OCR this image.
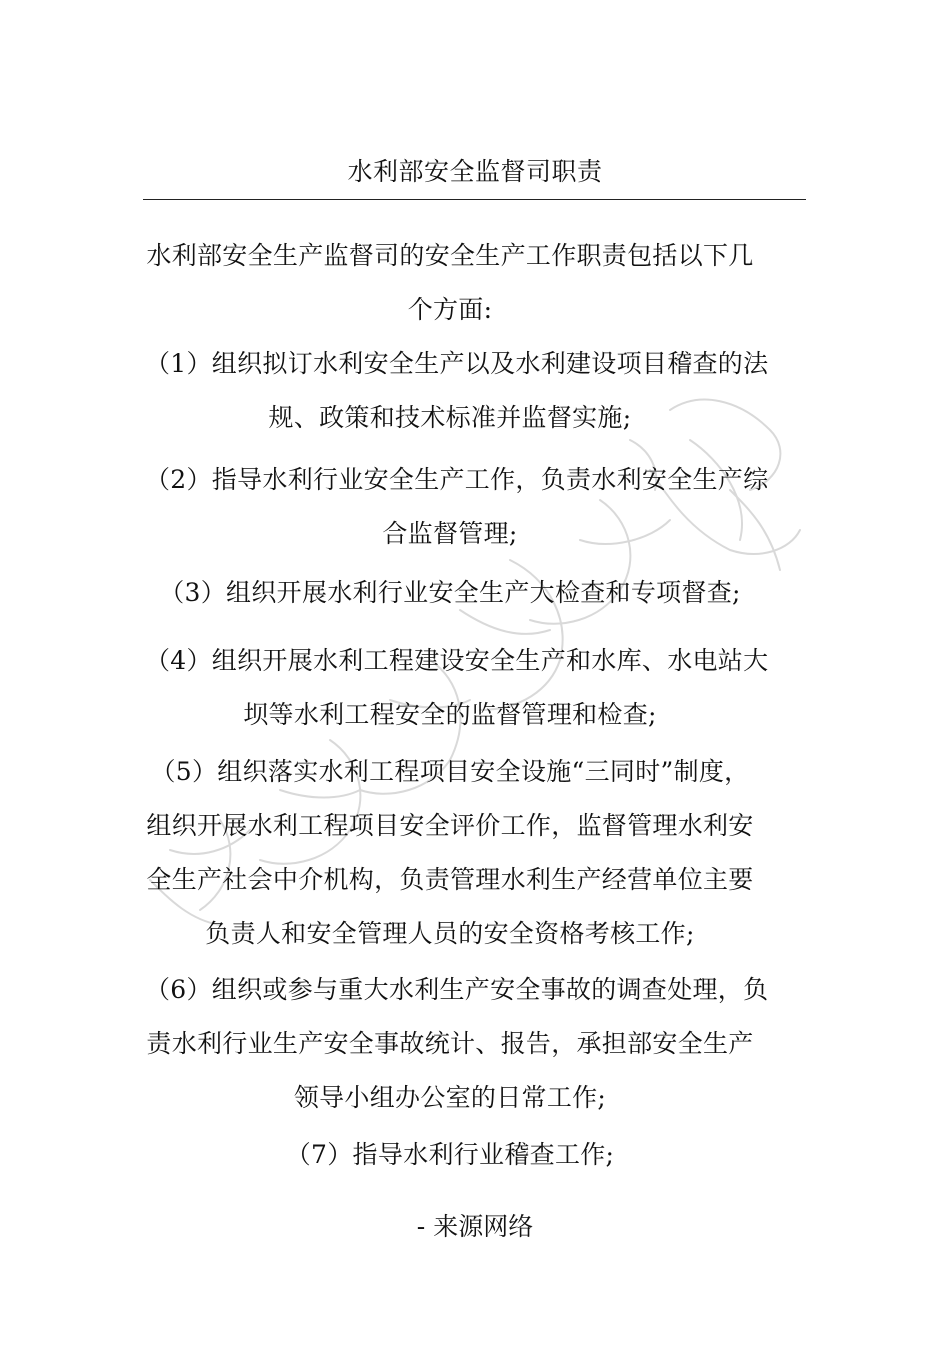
水利部安全监督司职责
水利部安全生产监督司的安全生产工作职责包括以下几
个方面:
（1）组织拟订水利安全生产以及水利建设项目稽查的法
规、政策和技术标准并监督实施;
（2）指导水利行业安全生产工作，负责水利安全生产综
合监督管理;
（3）组织开展水利行业安全生产大检查和专项督查;
（4）组织开展水利工程建设安全生产和水库、水电站大
坝等水利工程安全的监督管理和检查;
（5）组织落实水利工程项目安全设施“三同时”制度，
组织开展水利工程项目安全评价工作，监督管理水利安
全生产社会中介机构，负责管理水利生产经营单位主要
负责人和安全管理人员的安全资格考核工作;
（6）组织或参与重大水利生产安全事故的调查处理，负
责水利行业生产安全事故统计、报告，承担部安全生产
领导小组办公室的日常工作;
（7）指导水利行业稽查工作;
- 来源网络
